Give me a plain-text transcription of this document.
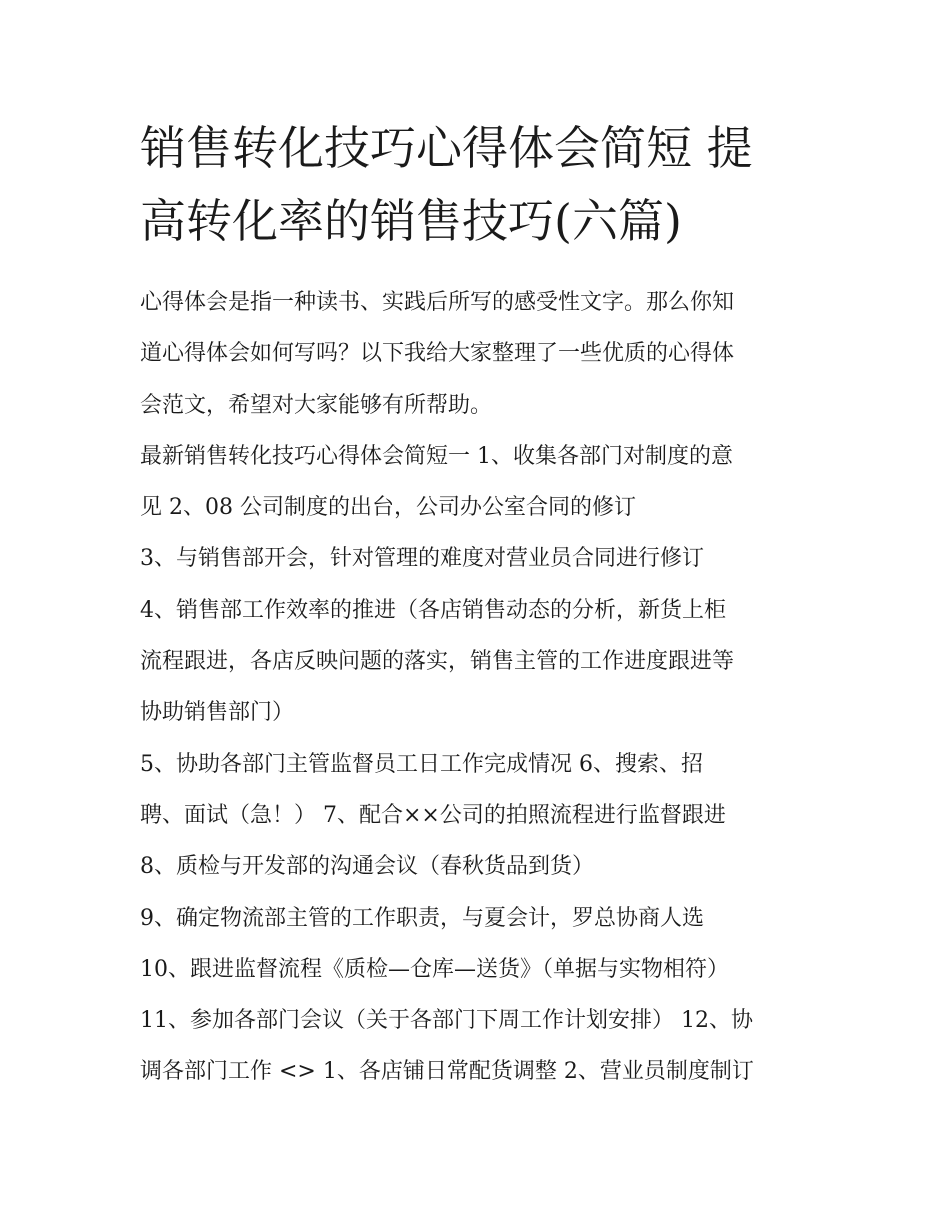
销售转化技巧心得体会简短 提
高转化率的销售技巧(六篇)
心得体会是指一种读书、实践后所写的感受性文字。那么你知
道心得体会如何写吗？以下我给大家整理了一些优质的心得体
会范文，希望对大家能够有所帮助。
最新销售转化技巧心得体会简短一 1、收集各部门对制度的意
见 2、08 公司制度的出台，公司办公室合同的修订
3、与销售部开会，针对管理的难度对营业员合同进行修订
4、销售部工作效率的推进（各店销售动态的分析，新货上柜
流程跟进，各店反映问题的落实，销售主管的工作进度跟进等
协助销售部门）
5、协助各部门主管监督员工日工作完成情况 6、搜索、招
聘、面试（急！） 7、配合××公司的拍照流程进行监督跟进
8、质检与开发部的沟通会议（春秋货品到货）
9、确定物流部主管的工作职责，与夏会计，罗总协商人选
10、跟进监督流程《质检—仓库—送货》（单据与实物相符）
11、参加各部门会议（关于各部门下周工作计划安排） 12、协
调各部门工作 <> 1、各店铺日常配货调整 2、营业员制度制订
